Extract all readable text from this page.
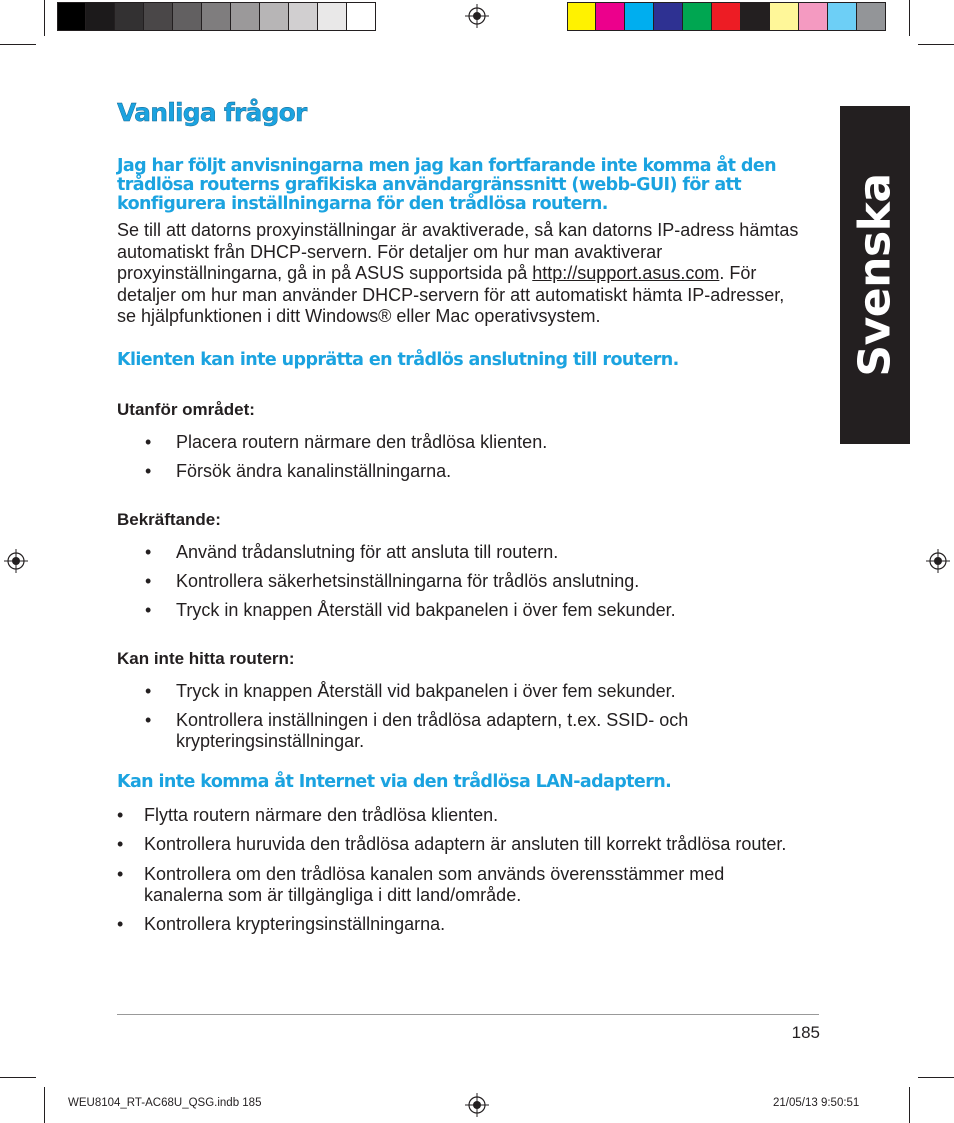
Svenska
Vanliga frågor

Jag har följt anvisningarna men jag kan fortfarande inte komma åt den trådlösa routerns grafikiska användargränssnitt (webb-GUI) för att konfigurera inställningarna för den trådlösa routern.

Se till att datorns proxyinställningar är avaktiverade, så kan datorns IP-adress hämtas automatiskt från DHCP-servern. För detaljer om hur man avaktiverar proxyinställningarna, gå in på ASUS supportsida på http://support.asus.com. För detaljer om hur man använder DHCP-servern för att automatiskt hämta IP-adresser, se hjälpfunktionen i ditt Windows® eller Mac operativsystem.

Klienten kan inte upprätta en trådlös anslutning till routern.

Utanför området:

• Placera routern närmare den trådlösa klienten.
• Försök ändra kanalinställningarna.

Bekräftande:

• Använd trådanslutning för att ansluta till routern.
• Kontrollera säkerhetsinställningarna för trådlös anslutning.
• Tryck in knappen Återställ vid bakpanelen i över fem sekunder.

Kan inte hitta routern:

• Tryck in knappen Återställ vid bakpanelen i över fem sekunder.
• Kontrollera inställningen i den trådlösa adaptern, t.ex. SSID- och krypteringsinställningar.

Kan inte komma åt Internet via den trådlösa LAN-adaptern.

• Flytta routern närmare den trådlösa klienten.
• Kontrollera huruvida den trådlösa adaptern är ansluten till korrekt trådlösa router.
• Kontrollera om den trådlösa kanalen som används överensstämmer med kanalerna som är tillgängliga i ditt land/område.
• Kontrollera krypteringsinställningarna.
185
WEU8104_RT-AC68U_QSG.indb 185	21/05/13 9:50:51
